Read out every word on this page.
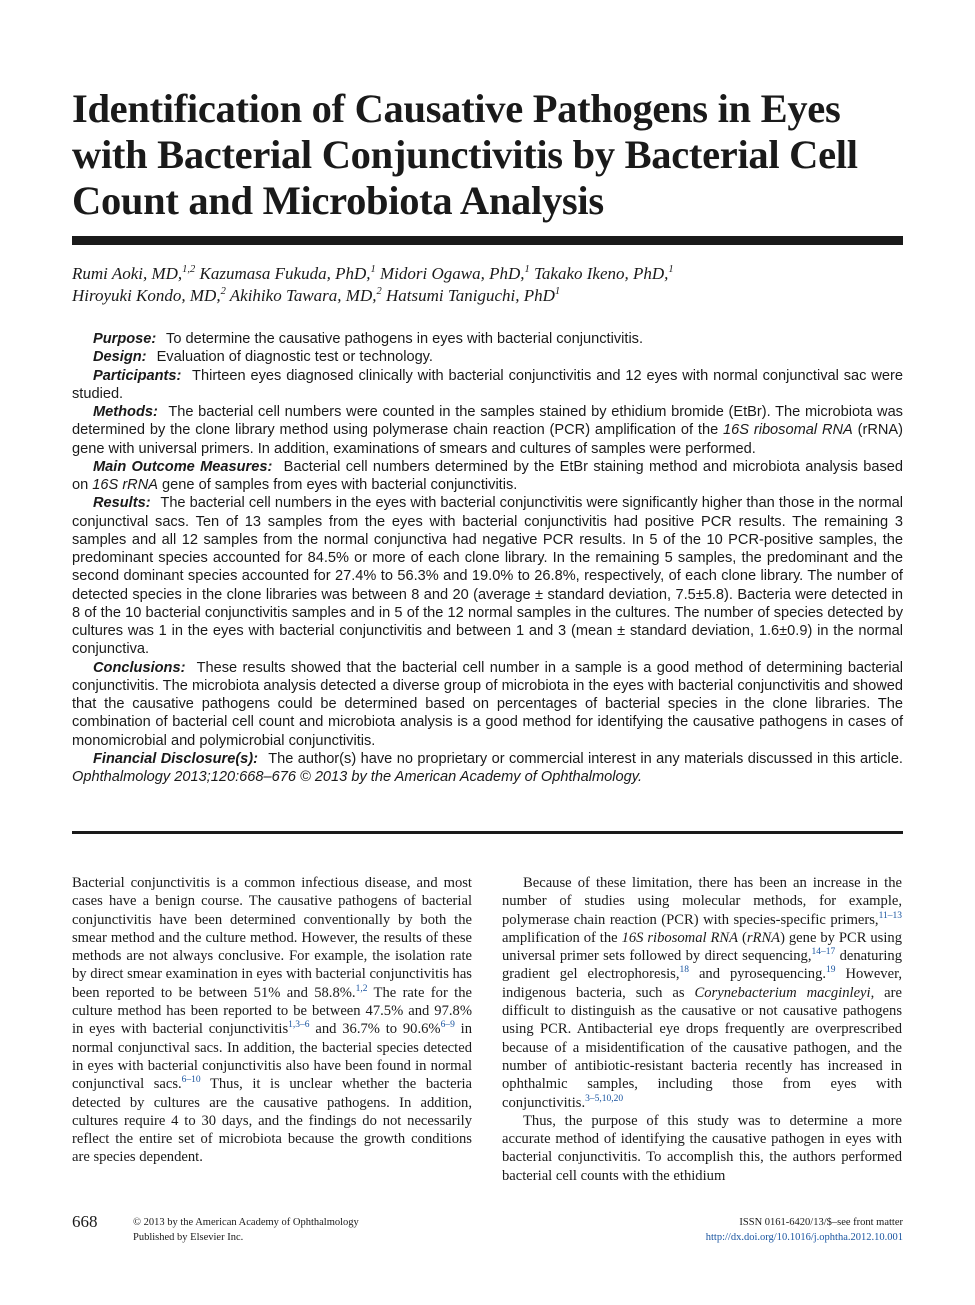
Identification of Causative Pathogens in Eyes
with Bacterial Conjunctivitis by Bacterial Cell
Count and Microbiota Analysis
Rumi Aoki, MD,$^{1,2}$ Kazumasa Fukuda, PhD,$^1$ Midori Ogawa, PhD,$^1$ Takako Ikeno, PhD,$^1$
Hiroyuki Kondo, MD,$^2$ Akihiko Tawara, MD,$^2$ Hatsumi Taniguchi, PhD$^1$

Purpose: To determine the causative pathogens in eyes with bacterial conjunctivitis.

Design: Evaluation of diagnostic test or technology.

Participants: Thirteen eyes diagnosed clinically with bacterial conjunctivitis and 12 eyes with normal conjunctival sac were studied.

Methods: The bacterial cell numbers were counted in the samples stained by ethidium bromide (EtBr). The microbiota was determined by the clone library method using polymerase chain reaction (PCR) amplification of the 16S ribosomal RNA (rRNA) gene with universal primers. In addition, examinations of smears and cultures of samples were performed.

Main Outcome Measures: Bacterial cell numbers determined by the EtBr staining method and microbiota analysis based on 16S rRNA gene of samples from eyes with bacterial conjunctivitis.

Results: The bacterial cell numbers in the eyes with bacterial conjunctivitis were significantly higher than those in the normal conjunctival sacs. Ten of 13 samples from the eyes with bacterial conjunctivitis had positive PCR results. The remaining 3 samples and all 12 samples from the normal conjunctiva had negative PCR results. In 5 of the 10 PCR-positive samples, the predominant species accounted for 84.5% or more of each clone library. In the remaining 5 samples, the predominant and the second dominant species accounted for 27.4% to 56.3% and 19.0% to 26.8%, respectively, of each clone library. The number of detected species in the clone libraries was between 8 and 20 (average ± standard deviation, 7.5±5.8). Bacteria were detected in 8 of the 10 bacterial conjunctivitis samples and in 5 of the 12 normal samples in the cultures. The number of species detected by cultures was 1 in the eyes with bacterial conjunctivitis and between 1 and 3 (mean ± standard deviation, 1.6±0.9) in the normal conjunctiva.

Conclusions: These results showed that the bacterial cell number in a sample is a good method of determining bacterial conjunctivitis. The microbiota analysis detected a diverse group of microbiota in the eyes with bacterial conjunctivitis and showed that the causative pathogens could be determined based on percentages of bacterial species in the clone libraries. The combination of bacterial cell count and microbiota analysis is a good method for identifying the causative pathogens in cases of monomicrobial and polymicrobial conjunctivitis.

Financial Disclosure(s): The author(s) have no proprietary or commercial interest in any materials discussed in this article. Ophthalmology 2013;120:668–676 © 2013 by the American Academy of Ophthalmology.

Bacterial conjunctivitis is a common infectious disease, and most cases have a benign course. The causative pathogens of bacterial conjunctivitis have been determined conventionally by both the smear method and the culture method. However, the results of these methods are not always conclusive. For example, the isolation rate by direct smear examination in eyes with bacterial conjunctivitis has been reported to be between 51% and 58.8%.$^{1,2}$ The rate for the culture method has been reported to be between 47.5% and 97.8% in eyes with bacterial conjunctivitis$^{1,3-6}$ and 36.7% to 90.6%$^{6-9}$ in normal conjunctival sacs. In addition, the bacterial species detected in eyes with bacterial conjunctivitis also have been found in normal conjunctival sacs.$^{6-10}$ Thus, it is unclear whether the bacteria detected by cultures are the causative pathogens. In addition, cultures require 4 to 30 days, and the findings do not necessarily reflect the entire set of microbiota because the growth conditions are species dependent.

Because of these limitation, there has been an increase in the number of studies using molecular methods, for example, polymerase chain reaction (PCR) with species-specific primers,$^{11-13}$ amplification of the 16S ribosomal RNA (rRNA) gene by PCR using universal primer sets followed by direct sequencing,$^{14-17}$ denaturing gradient gel electrophoresis,$^{18}$ and pyrosequencing.$^{19}$ However, indigenous bacteria, such as Corynebacterium macginleyi, are difficult to distinguish as the causative or not causative pathogens using PCR. Antibacterial eye drops frequently are overprescribed because of a misidentification of the causative pathogen, and the number of antibiotic-resistant bacteria recently has increased in ophthalmic samples, including those from eyes with conjunctivitis.$^{3-5,10,20}$

Thus, the purpose of this study was to determine a more accurate method of identifying the causative pathogen in eyes with bacterial conjunctivitis. To accomplish this, the authors performed bacterial cell counts with the ethidium

668	© 2013 by the American Academy of Ophthalmology
Published by Elsevier Inc.
ISSN 0161-6420/13/$–see front matter
http://dx.doi.org/10.1016/j.ophtha.2012.10.001
